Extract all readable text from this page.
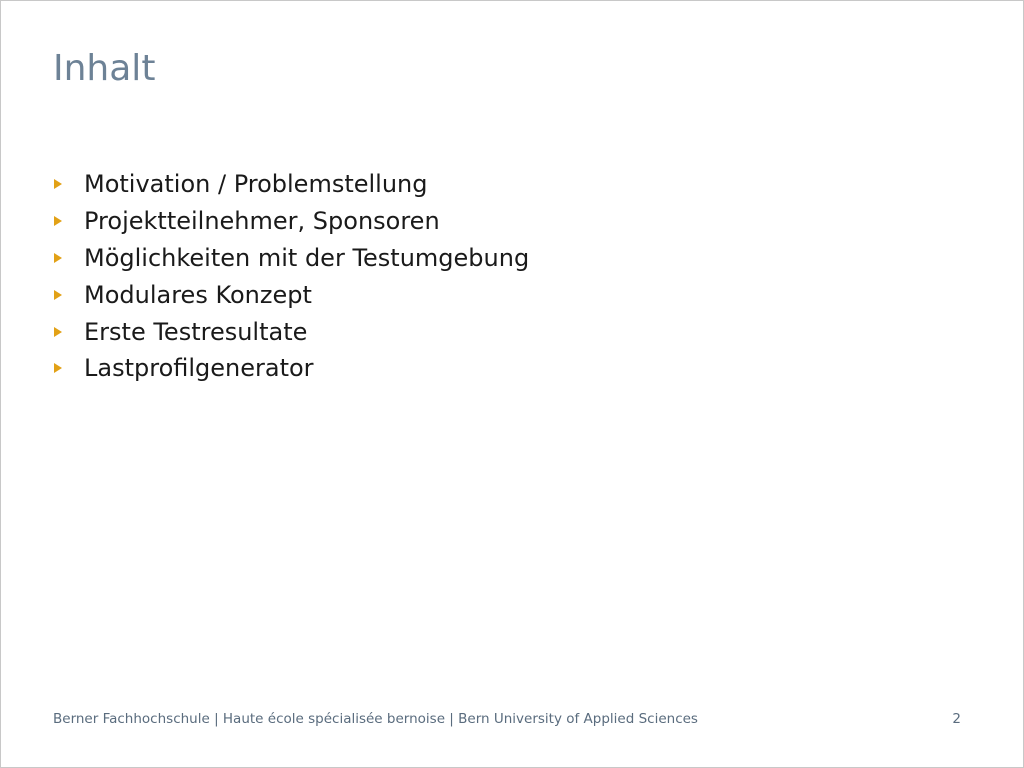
Inhalt
Motivation / Problemstellung
Projektteilnehmer, Sponsoren
Möglichkeiten mit der Testumgebung
Modulares Konzept
Erste Testresultate
Lastprofilgenerator
Berner Fachhochschule | Haute école spécialisée bernoise | Bern University of Applied Sciences	2
